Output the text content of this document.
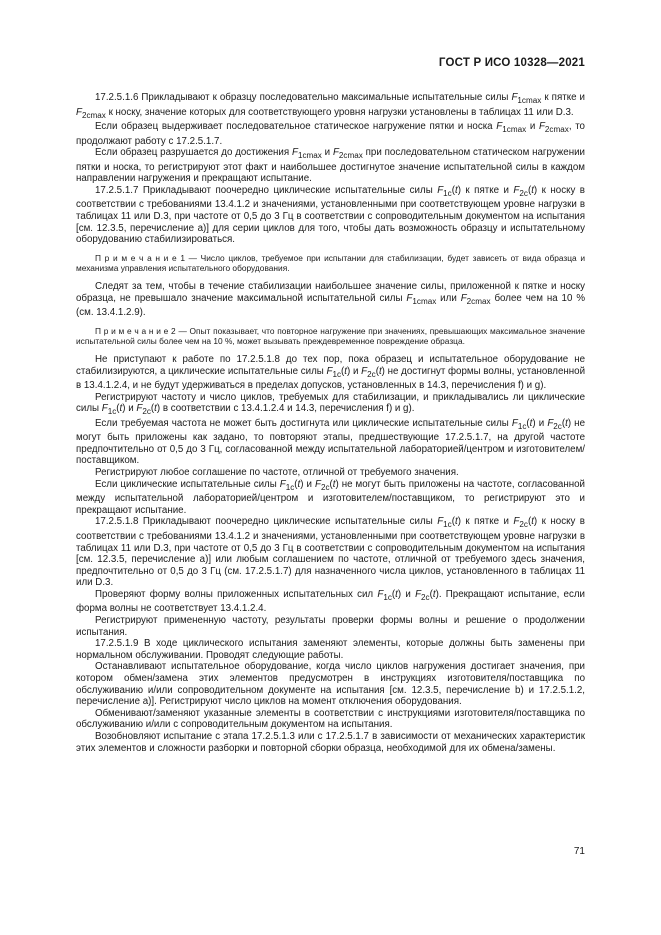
ГОСТ Р ИСО 10328—2021

17.2.5.1.6 Прикладывают к образцу последовательно максимальные испытательные силы $F_{1cmax}$ к пятке и $F_{2cmax}$ к носку, значение которых для соответствующего уровня нагрузки установлены в таблицах 11 или D.3.

Если образец выдерживает последовательное статическое нагружение пятки и носка $F_{1cmax}$ и $F_{2cmax}$, то продолжают работу с 17.2.5.1.7.

Если образец разрушается до достижения $F_{1cmax}$ и $F_{2cmax}$ при последовательном статическом нагружении пятки и носка, то регистрируют этот факт и наибольшее достигнутое значение испытательной силы в каждом направлении нагружения и прекращают испытание.

17.2.5.1.7 Прикладывают поочередно циклические испытательные силы $F_{1c}(t)$ к пятке и $F_{2c}(t)$ к носку в соответствии с требованиями 13.4.1.2 и значениями, установленными при соответствующем уровне нагрузки в таблицах 11 или D.3, при частоте от 0,5 до 3 Гц в соответствии с сопроводительным документом на испытания [см. 12.3.5, перечисление а)] для серии циклов для того, чтобы дать возможность образцу и испытательному оборудованию стабилизироваться.

П р и м е ч а н и е 1 — Число циклов, требуемое при испытании для стабилизации, будет зависеть от вида образца и механизма управления испытательного оборудования.

Следят за тем, чтобы в течение стабилизации наибольшее значение силы, приложенной к пятке и носку образца, не превышало значение максимальной испытательной силы $F_{1cmax}$ или $F_{2cmax}$ более чем на 10 % (см. 13.4.1.2.9).

П р и м е ч а н и е 2 — Опыт показывает, что повторное нагружение при значениях, превышающих максимальное значение испытательной силы более чем на 10 %, может вызывать преждевременное повреждение образца.

Не приступают к работе по 17.2.5.1.8 до тех пор, пока образец и испытательное оборудование не стабилизируются, а циклические испытательные силы $F_{1c}(t)$ и $F_{2c}(t)$ не достигнут формы волны, установленной в 13.4.1.2.4, и не будут удерживаться в пределах допусков, установленных в 14.3, перечисления f) и g).

Регистрируют частоту и число циклов, требуемых для стабилизации, и прикладывались ли циклические силы $F_{1c}(t)$ и $F_{2c}(t)$ в соответствии с 13.4.1.2.4 и 14.3, перечисления f) и g).

Если требуемая частота не может быть достигнута или циклические испытательные силы $F_{1c}(t)$ и $F_{2c}(t)$ не могут быть приложены как задано, то повторяют этапы, предшествующие 17.2.5.1.7, на другой частоте предпочтительно от 0,5 до 3 Гц, согласованной между испытательной лабораторией/центром и изготовителем/поставщиком.

Регистрируют любое соглашение по частоте, отличной от требуемого значения.

Если циклические испытательные силы $F_{1c}(t)$ и $F_{2c}(t)$ не могут быть приложены на частоте, согласованной между испытательной лабораторией/центром и изготовителем/поставщиком, то регистрируют это и прекращают испытание.

17.2.5.1.8 Прикладывают поочередно циклические испытательные силы $F_{1c}(t)$ к пятке и $F_{2c}(t)$ к носку в соответствии с требованиями 13.4.1.2 и значениями, установленными при соответствующем уровне нагрузки в таблицах 11 или D.3, при частоте от 0,5 до 3 Гц в соответствии с сопроводительным документом на испытания [см. 12.3.5, перечисление а)] или любым соглашением по частоте, отличной от требуемого здесь значения, предпочтительно от 0,5 до 3 Гц (см. 17.2.5.1.7) для назначенного числа циклов, установленного в таблицах 11 или D.3.

Проверяют форму волны приложенных испытательных сил $F_{1c}(t)$ и $F_{2c}(t)$. Прекращают испытание, если форма волны не соответствует 13.4.1.2.4.

Регистрируют примененную частоту, результаты проверки формы волны и решение о продолжении испытания.

17.2.5.1.9 В ходе циклического испытания заменяют элементы, которые должны быть заменены при нормальном обслуживании. Проводят следующие работы.

Останавливают испытательное оборудование, когда число циклов нагружения достигает значения, при котором обмен/замена этих элементов предусмотрен в инструкциях изготовителя/поставщика по обслуживанию и/или сопроводительном документе на испытания [см. 12.3.5, перечисление b) и 17.2.5.1.2, перечисление а)]. Регистрируют число циклов на момент отключения оборудования.

Обменивают/заменяют указанные элементы в соответствии с инструкциями изготовителя/поставщика по обслуживанию и/или с сопроводительным документом на испытания.

Возобновляют испытание с этапа 17.2.5.1.3 или с 17.2.5.1.7 в зависимости от механических характеристик этих элементов и сложности разборки и повторной сборки образца, необходимой для их обмена/замены.

71
